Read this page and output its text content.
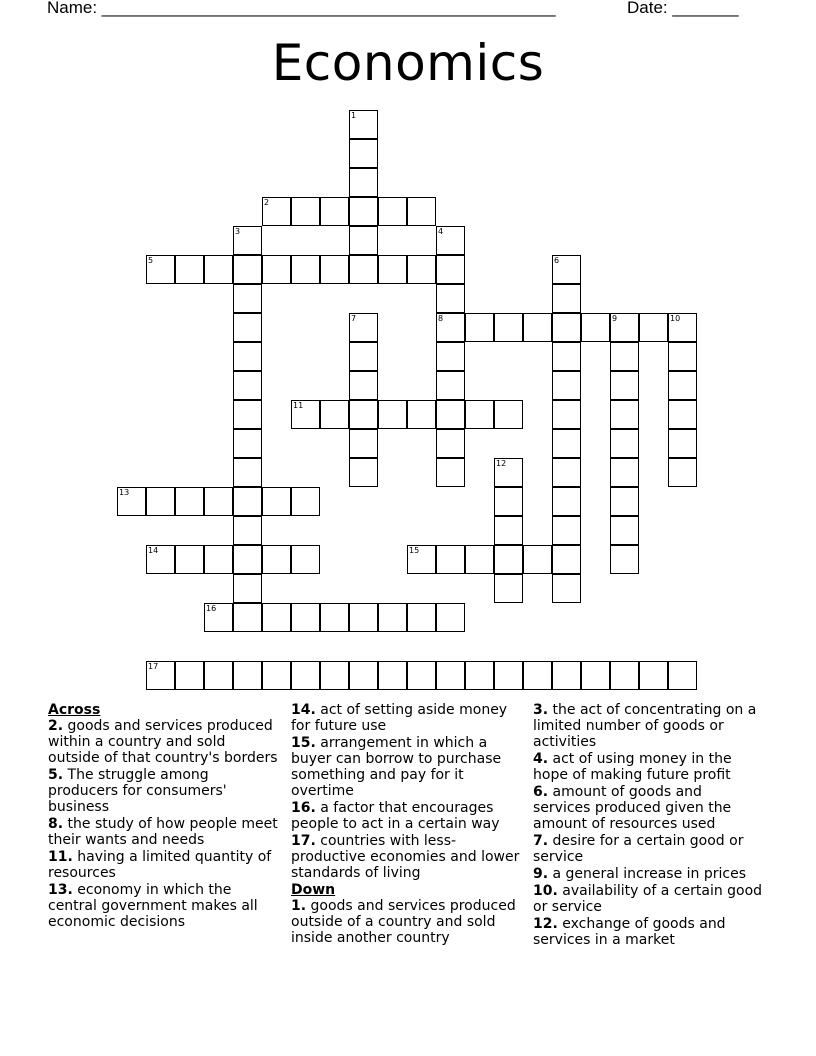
Name: ________________________________________________	Date: _______
Economics
1
2
3	4
8
5	6
7	9	10
11
12
13
14	15
16
17
Across
2. goods and services produced within a country and sold outside of that country's borders
5. The struggle among producers for consumers' business
8. the study of how people meet their wants and needs
11. having a limited quantity of resources
13. economy in which the central government makes all economic decisions
14. act of setting aside money for future use
15. arrangement in which a buyer can borrow to purchase something and pay for it overtime
16. a factor that encourages people to act in a certain way
17. countries with less-productive economies and lower standards of living
Down
1. goods and services produced outside of a country and sold inside another country
3. the act of concentrating on a limited number of goods or activities
4. act of using money in the hope of making future profit
6. amount of goods and services produced given the amount of resources used
7. desire for a certain good or service
9. a general increase in prices
10. availability of a certain good or service
12. exchange of goods and services in a market
